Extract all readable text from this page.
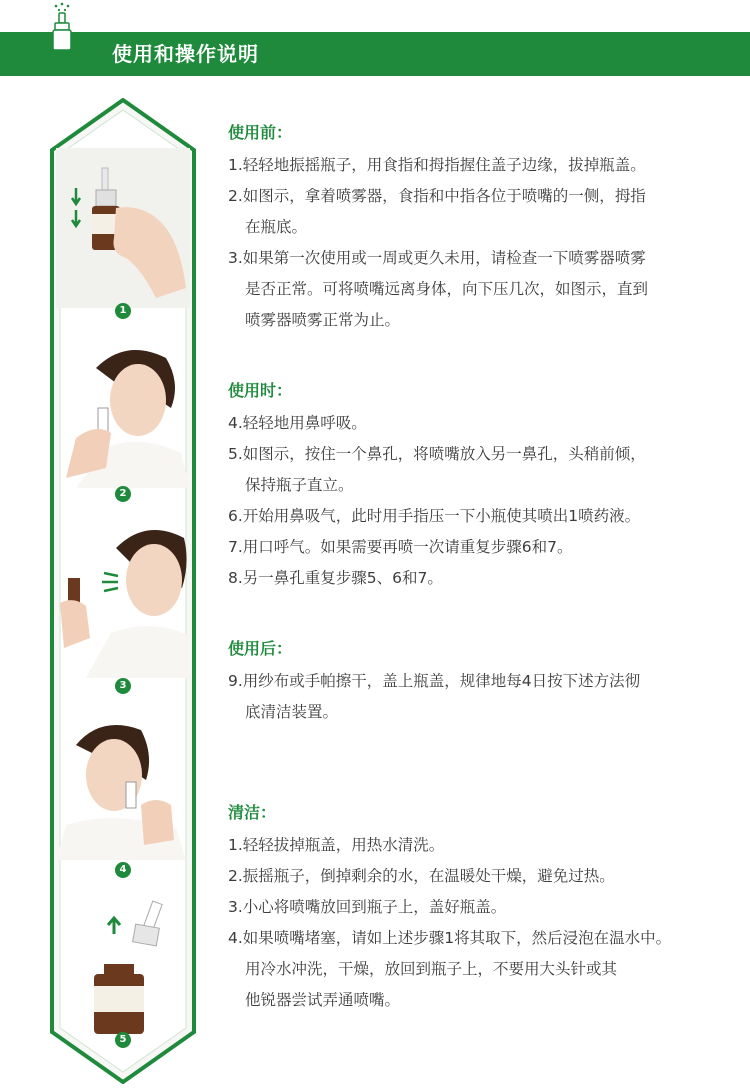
使用和操作说明
1
2
3
4
5
使用前：
1.轻轻地振摇瓶子，用食指和拇指握住盖子边缘，拔掉瓶盖。
2.如图示，拿着喷雾器，食指和中指各位于喷嘴的一侧，拇指
在瓶底。
3.如果第一次使用或一周或更久未用，请检查一下喷雾器喷雾
是否正常。可将喷嘴远离身体，向下压几次，如图示，直到
喷雾器喷雾正常为止。
使用时：
4.轻轻地用鼻呼吸。
5.如图示，按住一个鼻孔，将喷嘴放入另一鼻孔，头稍前倾，
保持瓶子直立。
6.开始用鼻吸气，此时用手指压一下小瓶使其喷出1喷药液。
7.用口呼气。如果需要再喷一次请重复步骤6和7。
8.另一鼻孔重复步骤5、6和7。
使用后：
9.用纱布或手帕擦干，盖上瓶盖，规律地每4日按下述方法彻
底清洁装置。
清洁：
1.轻轻拔掉瓶盖，用热水清洗。
2.振摇瓶子，倒掉剩余的水，在温暖处干燥，避免过热。
3.小心将喷嘴放回到瓶子上，盖好瓶盖。
4.如果喷嘴堵塞，请如上述步骤1将其取下，然后浸泡在温水中。
用冷水冲洗，干燥，放回到瓶子上，不要用大头针或其
他锐器尝试弄通喷嘴。
